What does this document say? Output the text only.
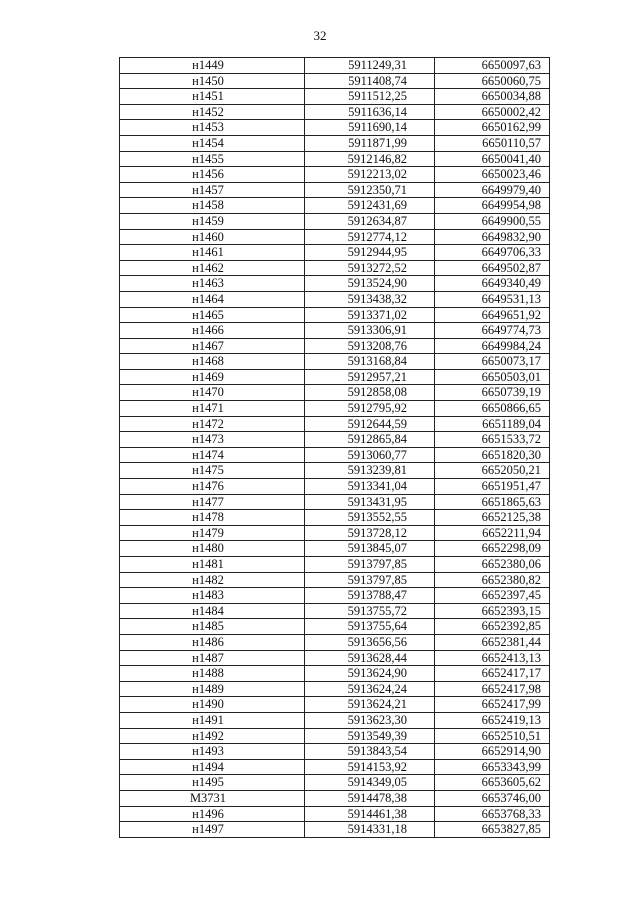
32
н1449	5911249,31	6650097,63
н1450	5911408,74	6650060,75
н1451	5911512,25	6650034,88
н1452	5911636,14	6650002,42
н1453	5911690,14	6650162,99
н1454	5911871,99	6650110,57
н1455	5912146,82	6650041,40
н1456	5912213,02	6650023,46
н1457	5912350,71	6649979,40
н1458	5912431,69	6649954,98
н1459	5912634,87	6649900,55
н1460	5912774,12	6649832,90
н1461	5912944,95	6649706,33
н1462	5913272,52	6649502,87
н1463	5913524,90	6649340,49
н1464	5913438,32	6649531,13
н1465	5913371,02	6649651,92
н1466	5913306,91	6649774,73
н1467	5913208,76	6649984,24
н1468	5913168,84	6650073,17
н1469	5912957,21	6650503,01
н1470	5912858,08	6650739,19
н1471	5912795,92	6650866,65
н1472	5912644,59	6651189,04
н1473	5912865,84	6651533,72
н1474	5913060,77	6651820,30
н1475	5913239,81	6652050,21
н1476	5913341,04	6651951,47
н1477	5913431,95	6651865,63
н1478	5913552,55	6652125,38
н1479	5913728,12	6652211,94
н1480	5913845,07	6652298,09
н1481	5913797,85	6652380,06
н1482	5913797,85	6652380,82
н1483	5913788,47	6652397,45
н1484	5913755,72	6652393,15
н1485	5913755,64	6652392,85
н1486	5913656,56	6652381,44
н1487	5913628,44	6652413,13
н1488	5913624,90	6652417,17
н1489	5913624,24	6652417,98
н1490	5913624,21	6652417,99
н1491	5913623,30	6652419,13
н1492	5913549,39	6652510,51
н1493	5913843,54	6652914,90
н1494	5914153,92	6653343,99
н1495	5914349,05	6653605,62
М3731	5914478,38	6653746,00
н1496	5914461,38	6653768,33
н1497	5914331,18	6653827,85
